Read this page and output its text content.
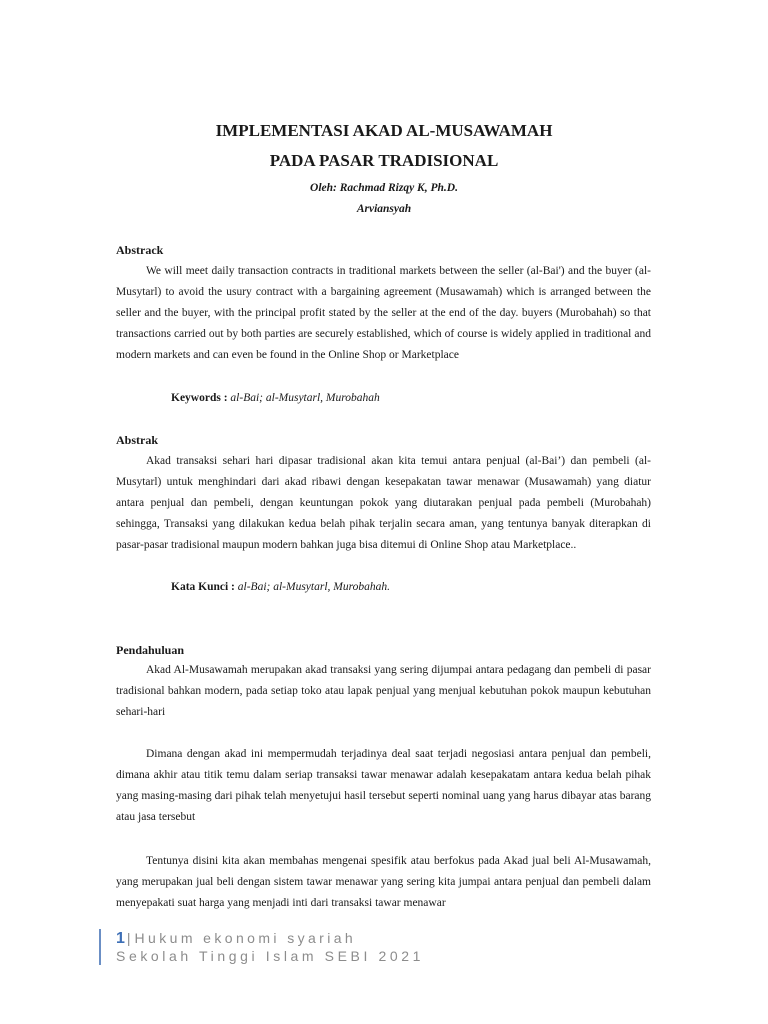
IMPLEMENTASI AKAD AL-MUSAWAMAH
PADA PASAR TRADISIONAL
Oleh: Rachmad Rizqy K, Ph.D.
Arviansyah
Abstrack

We will meet daily transaction contracts in traditional markets between the seller (al-Bai') and the buyer (al-Musytarl) to avoid the usury contract with a bargaining agreement (Musawamah) which is arranged between the seller and the buyer, with the principal profit stated by the seller at the end of the day. buyers (Murobahah) so that transactions carried out by both parties are securely established, which of course is widely applied in traditional and modern markets and can even be found in the Online Shop or Marketplace

Keywords : al-Bai; al-Musytarl, Murobahah
Abstrak

Akad transaksi sehari hari dipasar tradisional akan kita temui antara penjual (al-Bai’) dan pembeli (al-Musytarl) untuk menghindari dari akad ribawi dengan kesepakatan tawar menawar (Musawamah) yang diatur antara penjual dan pembeli, dengan keuntungan pokok yang diutarakan penjual pada pembeli (Murobahah) sehingga, Transaksi yang dilakukan kedua belah pihak terjalin secara aman, yang tentunya banyak diterapkan di pasar-pasar tradisional maupun modern bahkan juga bisa ditemui di Online Shop atau Marketplace..

Kata Kunci : al-Bai; al-Musytarl, Murobahah.
Pendahuluan

Akad Al-Musawamah merupakan akad transaksi yang sering dijumpai antara pedagang dan pembeli di pasar tradisional bahkan modern, pada setiap toko atau lapak penjual yang menjual kebutuhan pokok maupun kebutuhan sehari-hari

Dimana dengan akad ini mempermudah terjadinya deal saat terjadi negosiasi antara penjual dan pembeli, dimana akhir atau titik temu dalam seriap transaksi tawar menawar adalah kesepakatam antara kedua belah pihak yang masing-masing dari pihak telah menyetujui hasil tersebut seperti nominal uang yang harus dibayar atas barang atau jasa tersebut

Tentunya disini kita akan membahas mengenai spesifik atau berfokus pada Akad jual beli Al-Musawamah, yang merupakan jual beli dengan sistem tawar menawar yang sering kita jumpai antara penjual dan pembeli dalam menyepakati suat harga yang menjadi inti dari transaksi tawar menawar

1 | Hukum ekonomi syariah
Sekolah Tinggi Islam SEBI 2021
